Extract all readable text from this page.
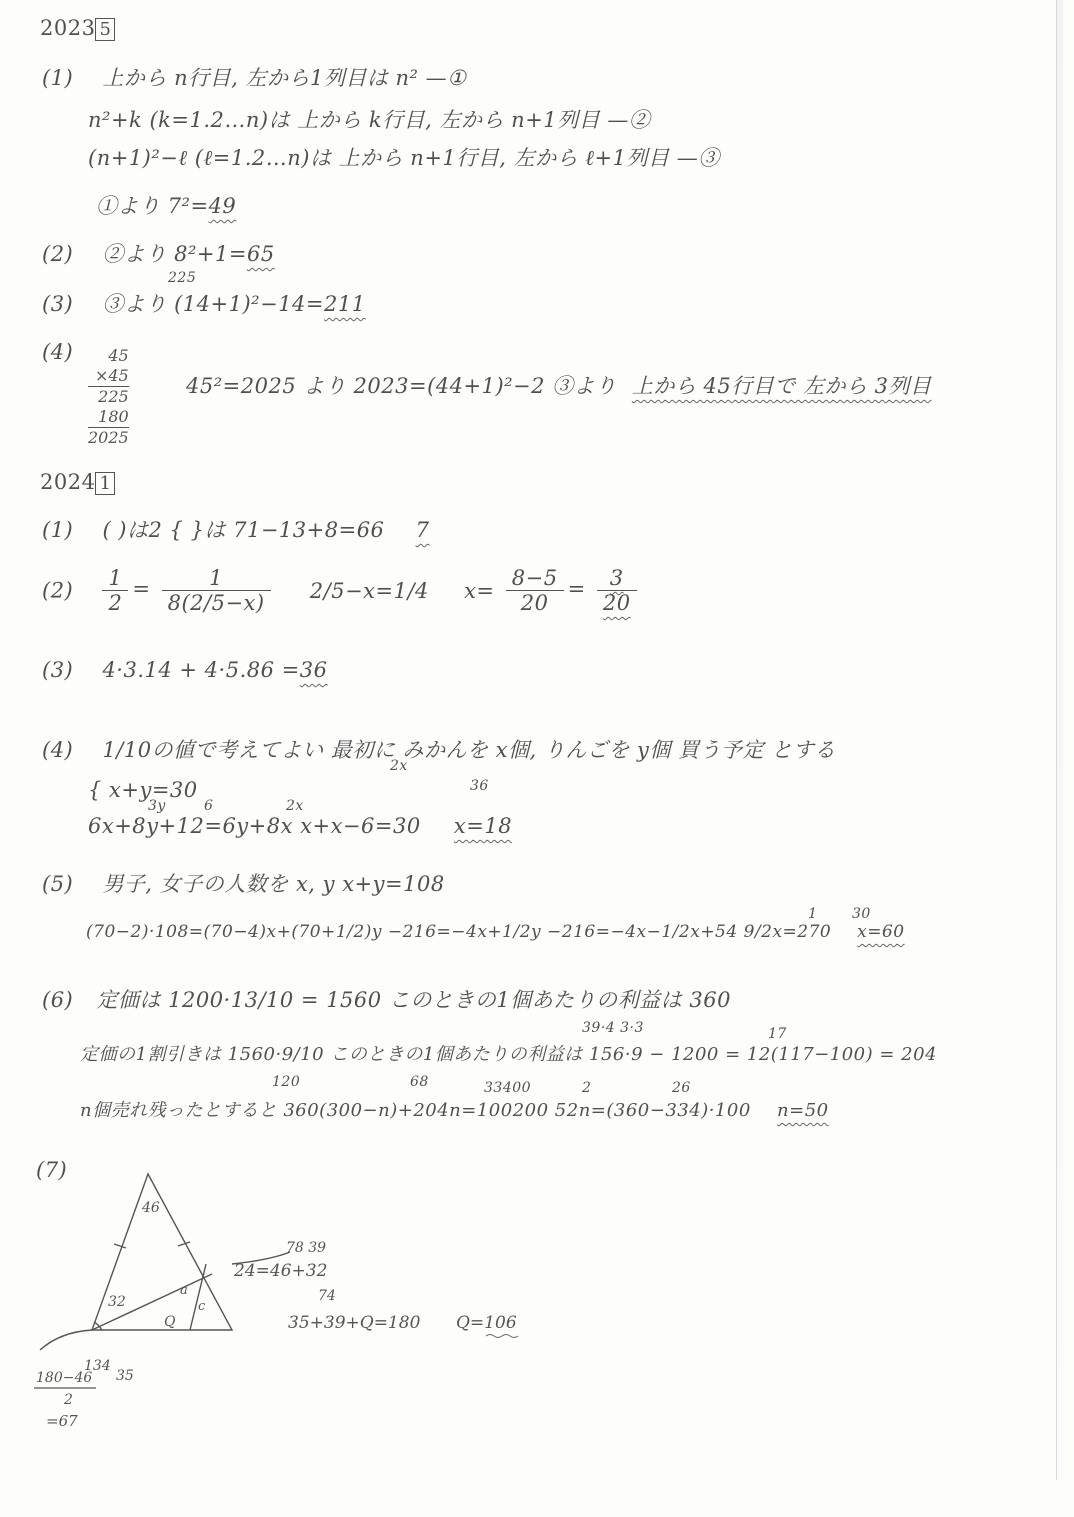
2023 5
(1) 上から n行目, 左から1列目は n² —①
n²+k (k=1.2…n)は 上から k行目, 左から n+1列目 —②
(n+1)²−ℓ (ℓ=1.2…n)は 上から n+1行目, 左から ℓ+1列目 —③
①より 7²=49
(2) ②より 8²+1=65
225
(3) ③より (14+1)²−14=211
(4)	45
×45
225
180
2025
45²=2025 より 2023=(44+1)²−2 ③より 上から 45行目で 左から 3列目
2024 1
(1) ( )は2 { }は 71−13+8=66 7
$(2) \frac{1}{2} = \frac{1}{8(2/5-x)} 2/5-x=1/4$ $x= \frac{8-5}{20} = \frac{3}{20}$
(3) 4·3.14 + 4·5.86 =36
(4) 1/10の値で考えてよい 最初に みかんを x個, りんごを y個 買う予定 とする
{ x+y=30
3y	6	2x
2x
36
6x+8y+12=6y+8x x+x−6=30 x=18
(5) 男子, 女子の人数を x, y x+y=108
1 30
(70−2)·108=(70−4)x+(70+1/2)y −216=−4x+1/2y −216=−4x−1/2x+54 9/2x=270 x=60
(6) 定価は 1200·13/10 = 1560 このときの1個あたりの利益は 360
39·4 3·3	17
定価の1割引きは 1560·9/10 このときの1個あたりの利益は 156·9 − 1200 = 12(117−100) = 204
120	68	33400	2	26
n個売れ残ったとすると 360(300−n)+204n=100200 52n=(360−334)·100 n=50
(7)
46
32
a
c
Q
78 39
24=46+32
74
35+39+Q=180 Q=106
134
35
180−46
2
=67
